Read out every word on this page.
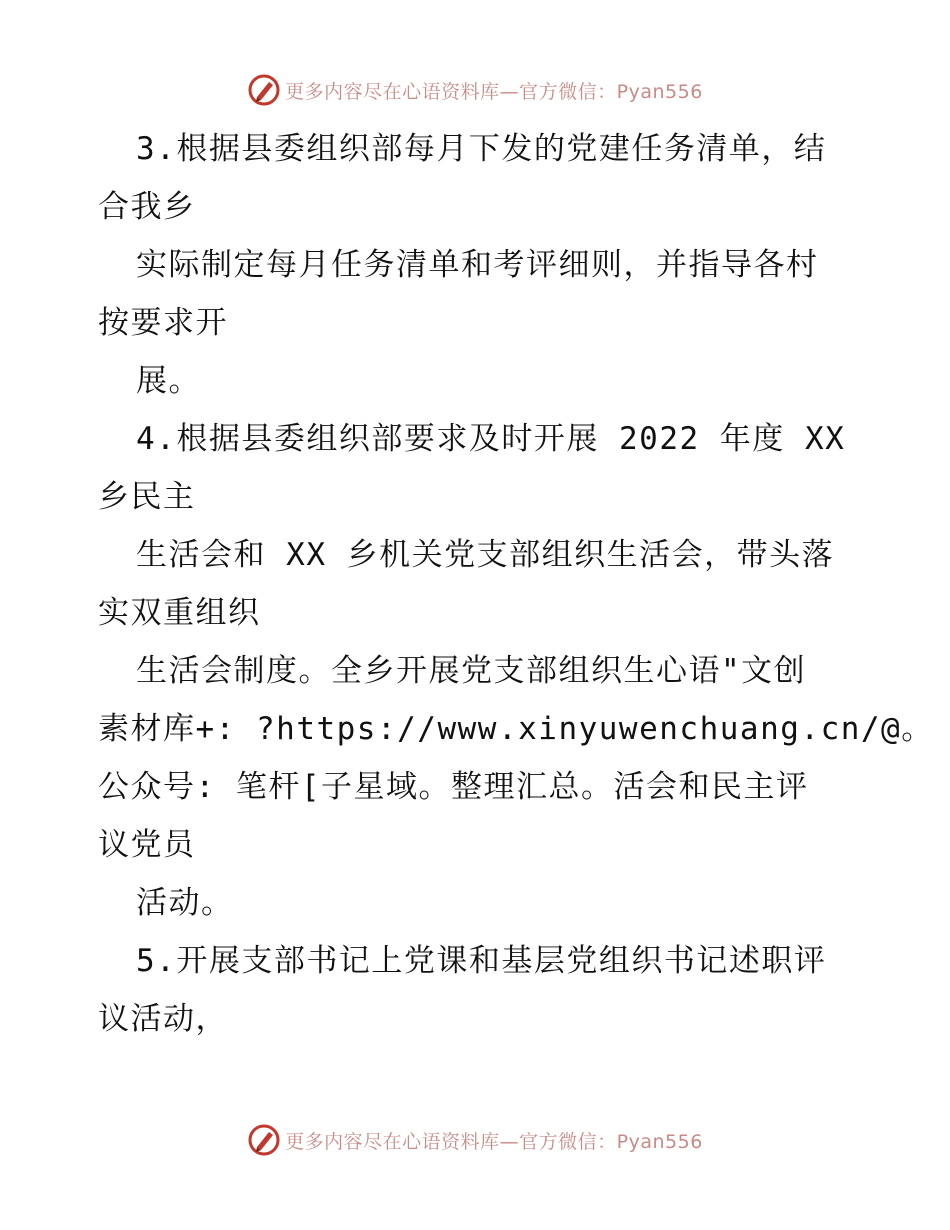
更多内容尽在心语资料库—官方微信：Pyan556
3.根据县委组织部每月下发的党建任务清单，结
合我乡
实际制定每月任务清单和考评细则，并指导各村
按要求开
展。
4.根据县委组织部要求及时开展 2022 年度 XX
乡民主
生活会和 XX 乡机关党支部组织生活会，带头落
实双重组织
生活会制度。全乡开展党支部组织生心语"文创
素材库+: ?https://www.xinyuwenchuang.cn/@。
公众号: 笔杆[子星域。整理汇总。活会和民主评
议党员
活动。
5.开展支部书记上党课和基层党组织书记述职评
议活动，
更多内容尽在心语资料库—官方微信：Pyan556
